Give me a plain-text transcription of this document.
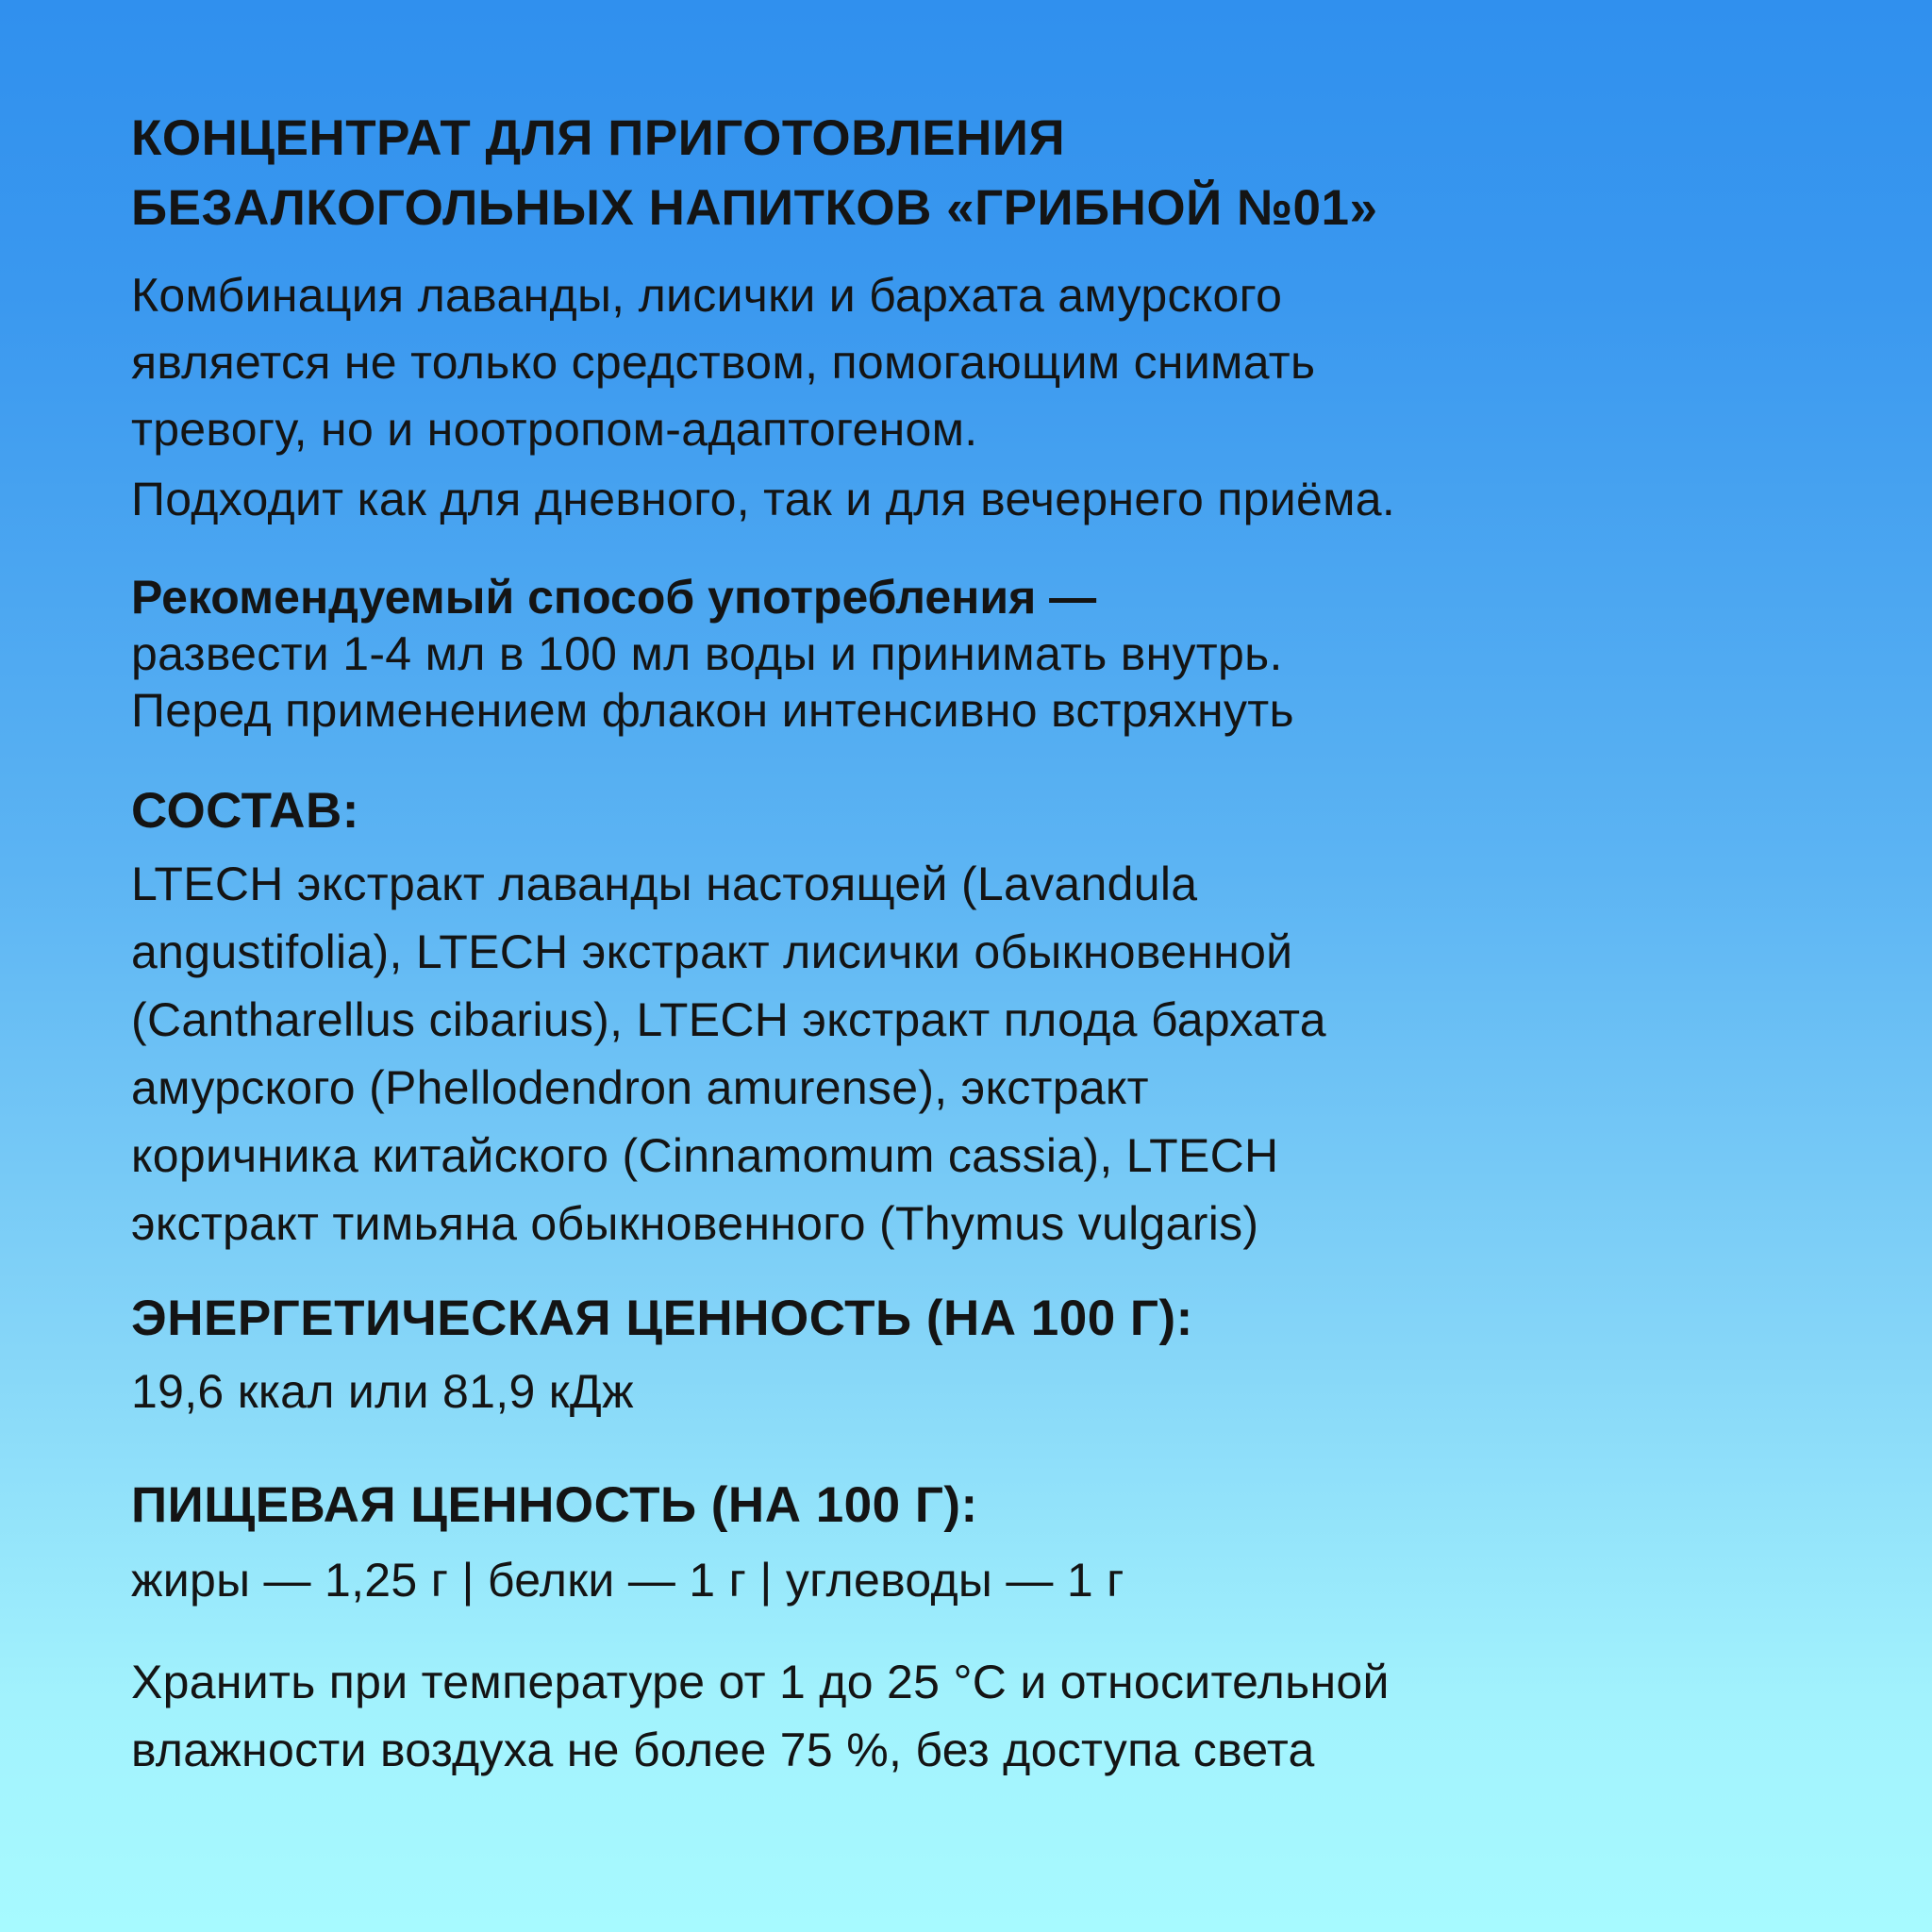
КОНЦЕНТРАТ ДЛЯ ПРИГОТОВЛЕНИЯ
БЕЗАЛКОГОЛЬНЫХ НАПИТКОВ «ГРИБНОЙ №01»

Комбинация лаванды, лисички и бархата амурского
является не только средством, помогающим снимать
тревогу, но и ноотропом-адаптогеном.

Подходит как для дневного, так и для вечернего приёма.

Рекомендуемый способ употребления —

развести 1-4 мл в 100 мл воды и принимать внутрь.
Перед применением флакон интенсивно встряхнуть

СОСТАВ:

LTECH экстракт лаванды настоящей (Lavandula
angustifolia), LTECH экстракт лисички обыкновенной
(Cantharellus cibarius), LTECH экстракт плода бархата
амурского (Phellodendron amurense), экстракт
коричника китайского (Cinnamomum cassia), LTECH
экстракт тимьяна обыкновенного (Thymus vulgaris)

ЭНЕРГЕТИЧЕСКАЯ ЦЕННОСТЬ (НА 100 Г):

19,6 ккал или 81,9 кДж

ПИЩЕВАЯ ЦЕННОСТЬ (НА 100 Г):

жиры — 1,25 г | белки — 1 г | углеводы — 1 г

Хранить при температуре от 1 до 25 °C и относительной
влажности воздуха не более 75 %, без доступа света
